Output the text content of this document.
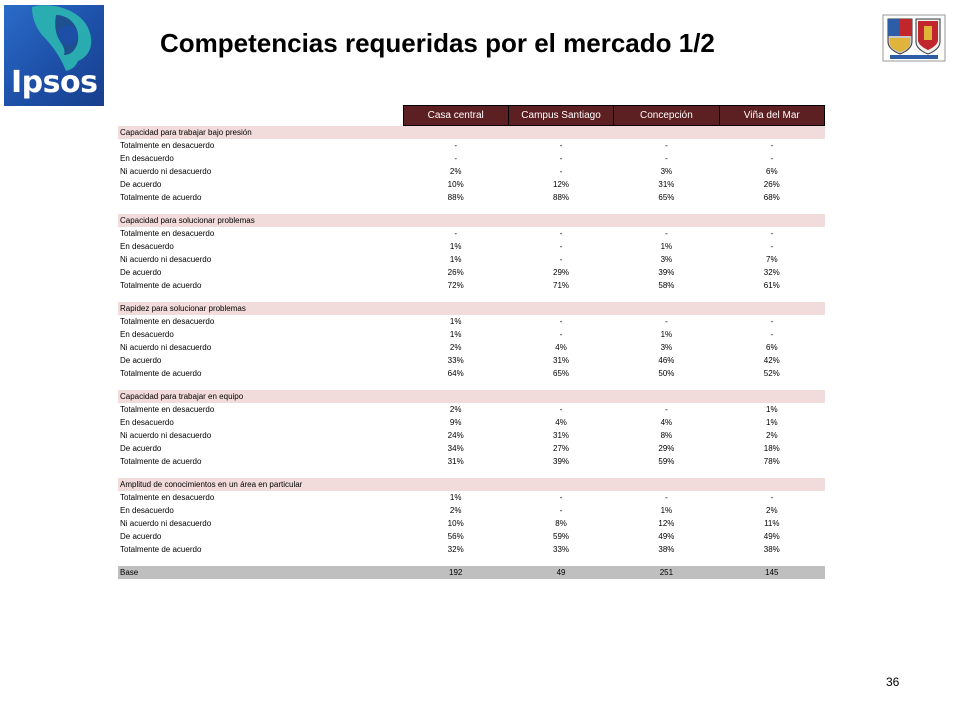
Ipsos
Competencias requeridas por el mercado 1/2
	Casa central	Campus Santiago	Concepción	Viña del Mar
Capacidad para trabajar bajo presión				
Totalmente en desacuerdo	-	-	-	-
En desacuerdo	-	-	-	-
Ni acuerdo ni desacuerdo	2%	-	3%	6%
De acuerdo	10%	12%	31%	26%
Totalmente de acuerdo	88%	88%	65%	68%

Capacidad para solucionar problemas				
Totalmente en desacuerdo	-	-	-	-
En desacuerdo	1%	-	1%	-
Ni acuerdo ni desacuerdo	1%	-	3%	7%
De acuerdo	26%	29%	39%	32%
Totalmente de acuerdo	72%	71%	58%	61%

Rapidez para solucionar problemas				
Totalmente en desacuerdo	1%	-	-	-
En desacuerdo	1%	-	1%	-
Ni acuerdo ni desacuerdo	2%	4%	3%	6%
De acuerdo	33%	31%	46%	42%
Totalmente de acuerdo	64%	65%	50%	52%

Capacidad para trabajar en equipo				
Totalmente en desacuerdo	2%	-	-	1%
En desacuerdo	9%	4%	4%	1%
Ni acuerdo ni desacuerdo	24%	31%	8%	2%
De acuerdo	34%	27%	29%	18%
Totalmente de acuerdo	31%	39%	59%	78%

Amplitud de conocimientos en un área en particular				
Totalmente en desacuerdo	1%	-	-	-
En desacuerdo	2%	-	1%	2%
Ni acuerdo ni desacuerdo	10%	8%	12%	11%
De acuerdo	56%	59%	49%	49%
Totalmente de acuerdo	32%	33%	38%	38%

Base	192	49	251	145
36
